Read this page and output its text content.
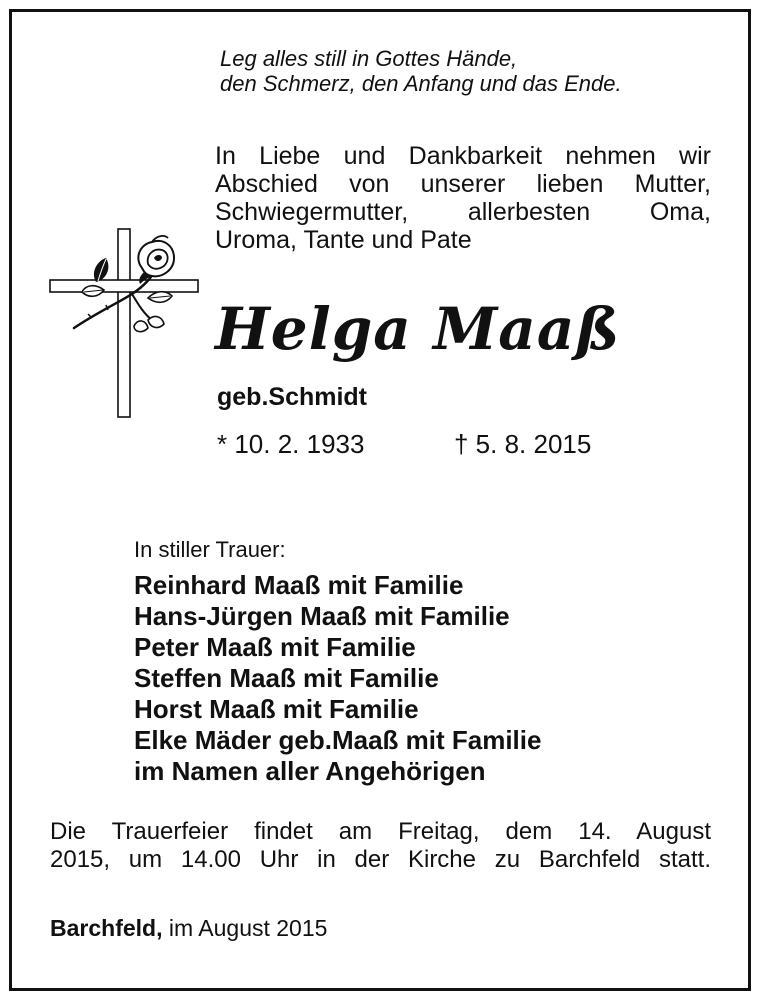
Leg alles still in Gottes Hände,
den Schmerz, den Anfang und das Ende.

In Liebe und Dankbarkeit nehmen wir
Abschied von unserer lieben Mutter,
Schwiegermutter, allerbesten Oma,
Uroma, Tante und Pate

Helga Maaß

geb.Schmidt

* 10. 2. 1933	† 5. 8. 2015

In stiller Trauer:

Reinhard Maaß mit Familie
Hans-Jürgen Maaß mit Familie
Peter Maaß mit Familie
Steffen Maaß mit Familie
Horst Maaß mit Familie
Elke Mäder geb.Maaß mit Familie
im Namen aller Angehörigen

Die Trauerfeier findet am Freitag, dem 14. August
2015, um 14.00 Uhr in der Kirche zu Barchfeld statt.

Barchfeld, im August 2015
